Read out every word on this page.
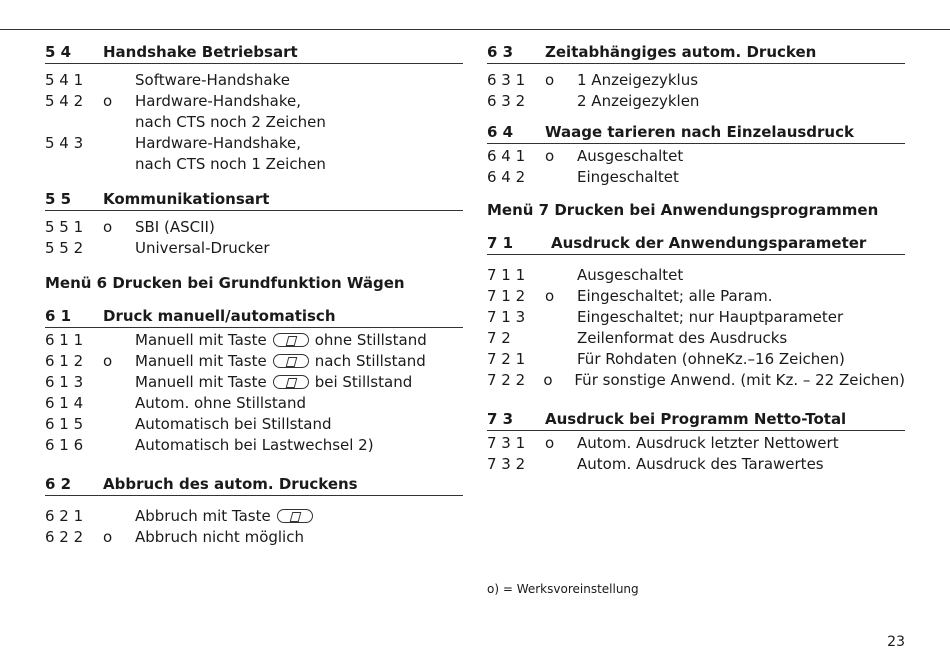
5 4	Handshake Betriebsart
5 4 1	Software-Handshake
5 4 2	o	Hardware-Handshake,
nach CTS noch 2 Zeichen
5 4 3	Hardware-Handshake,
nach CTS noch 1 Zeichen
5 5	Kommunikationsart
5 5 1	o	SBI (ASCII)
5 5 2	Universal-Drucker
Menü 6 Drucken bei Grundfunktion Wägen
6 1	Druck manuell/automatisch
6 1 1	Manuell mit Taste	ohne Stillstand
6 1 2	o	Manuell mit Taste	nach Stillstand
6 1 3	Manuell mit Taste	bei Stillstand
6 1 4	Autom. ohne Stillstand
6 1 5	Automatisch bei Stillstand
6 1 6	Automatisch bei Lastwechsel 2)
6 2	Abbruch des autom. Druckens
6 2 1	Abbruch mit Taste
6 2 2	o	Abbruch nicht möglich
6 3	Zeitabhängiges autom. Drucken
6 3 1	o	1 Anzeigezyklus
6 3 2	2 Anzeigezyklen
6 4	Waage tarieren nach Einzelausdruck
6 4 1	o	Ausgeschaltet
6 4 2	Eingeschaltet
Menü 7 Drucken bei Anwendungsprogrammen
7 1	Ausdruck der Anwendungsparameter
7 1 1	Ausgeschaltet
7 1 2	o	Eingeschaltet; alle Param.
7 1 3	Eingeschaltet; nur Hauptparameter
7 2	Zeilenformat des Ausdrucks
7 2 1	Für Rohdaten (ohneKz.–16 Zeichen)
7 2 2	o	Für sonstige Anwend. (mit Kz. – 22 Zeichen)
7 3	Ausdruck bei Programm Netto-Total
7 3 1	o	Autom. Ausdruck letzter Nettowert
7 3 2	Autom. Ausdruck des Tarawertes
o) = Werksvoreinstellung
23
